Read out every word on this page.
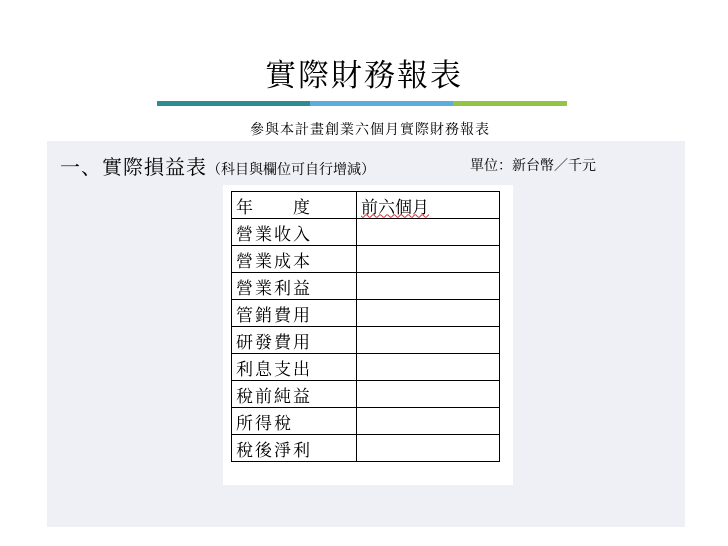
實際財務報表
參與本計畫創業六個月實際財務報表
一、實際損益表（科目與欄位可自行增減）	單位：新台幣／千元
年　　度	前六個月
營業收入	
營業成本	
營業利益	
管銷費用	
研發費用	
利息支出	
稅前純益	
所得稅	
稅後淨利	
